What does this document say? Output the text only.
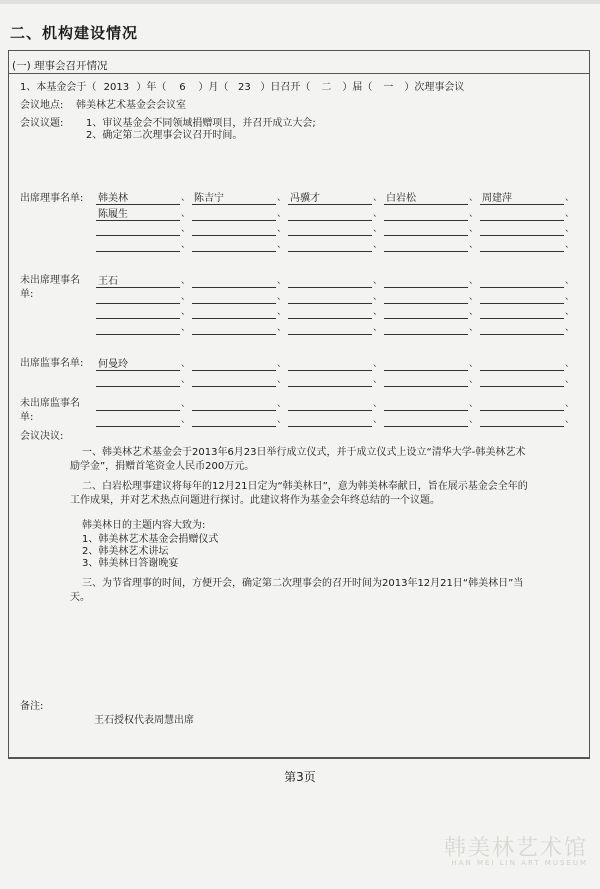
二、机构建设情况
(一) 理事会召开情况
1、本基金会于（ 2013 ）年（ 6 ）月（ 23 ）日召开（ 二 ）届（ 一 ）次理事会议
会议地点: 韩美林艺术基金会会议室
会议议题: 1、审议基金会不同领域捐赠项目，并召开成立大会;
2、确定第二次理事会议召开时间。
出席理事名单: 韩美林	、 陈吉宁	、 冯骥才	、 白岩松	、 周建萍	、
陈履生	、	、	、	、	、
、	、	、	、	、
、	、	、	、	、
未出席理事名单:
王石	、	、	、	、	、
、	、	、	、	、
、	、	、	、	、
、	、	、	、	、
出席监事名单: 何曼玲	、	、	、	、	、
、	、	、	、	、
未出席监事名单:
、	、	、	、	、
、	、	、	、	、
会议决议:
一、韩美林艺术基金会于2013年6月23日举行成立仪式，并于成立仪式上设立“清华大学-韩美林艺术励学金”，捐赠首笔资金人民币200万元。
二、白岩松理事建议将每年的12月21日定为“韩美林日”，意为韩美林奉献日，旨在展示基金会全年的工作成果，并对艺术热点问题进行探讨。此建议将作为基金会年终总结的一个议题。
韩美林日的主题内容大致为:
1、韩美林艺术基金会捐赠仪式
2、韩美林艺术讲坛
3、韩美林日答谢晚宴
三、为节省理事的时间，方便开会，确定第二次理事会的召开时间为2013年12月21日“韩美林日”当天。
备注:
王石授权代表周慧出席
第3页
韩美林艺术馆
HAN MEI LIN ART MUSEUM
